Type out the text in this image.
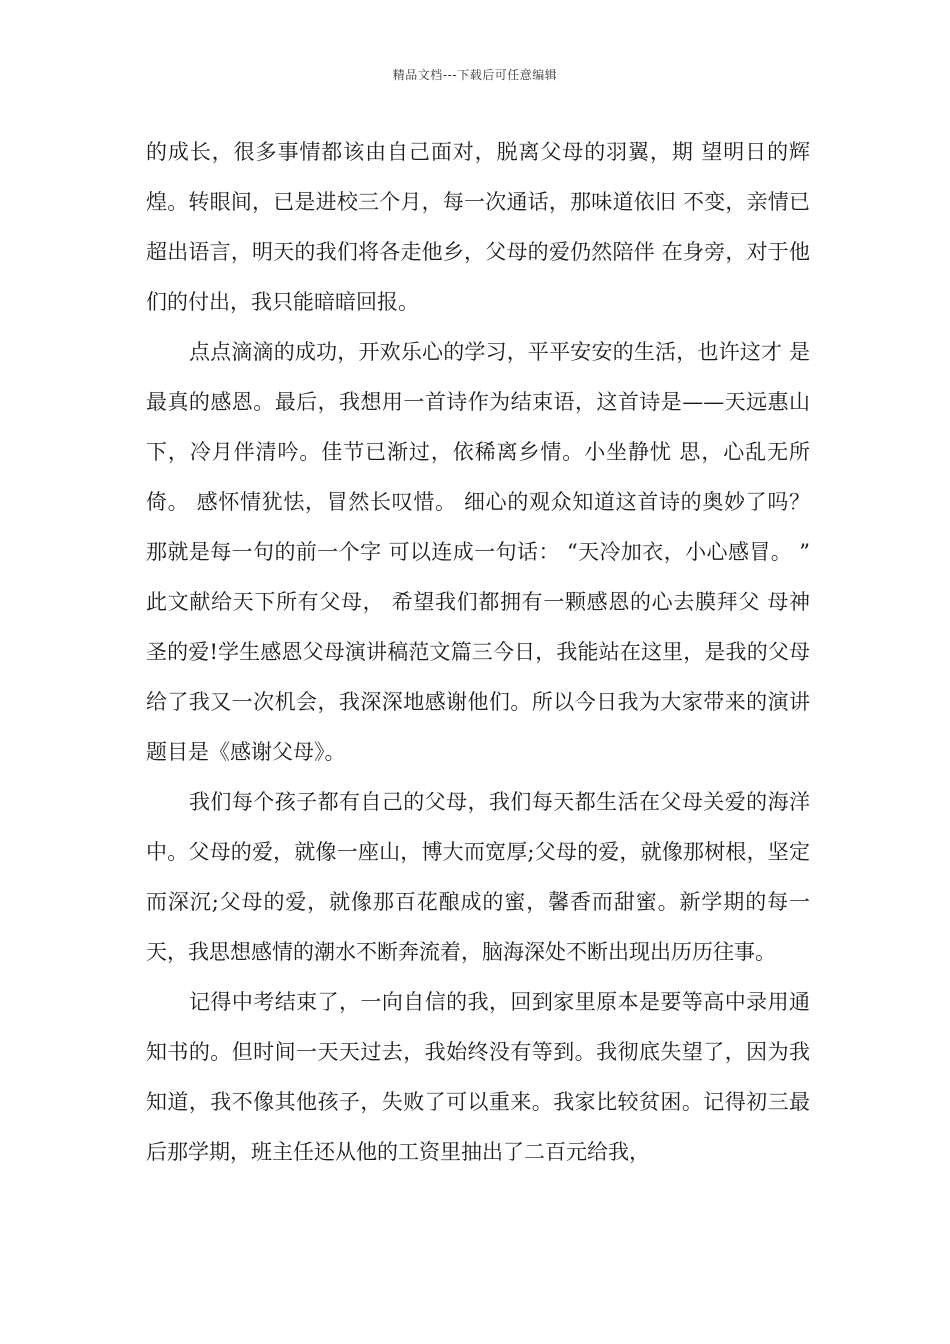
精品文档---下载后可任意编辑

的成长，很多事情都该由自己面对，脱离父母的羽翼，期 望明日的辉煌。转眼间，已是进校三个月，每一次通话，那味道依旧 不变，亲情已超出语言，明天的我们将各走他乡，父母的爱仍然陪伴 在身旁，对于他们的付出，我只能暗暗回报。

点点滴滴的成功，开欢乐心的学习，平平安安的生活，也许这才 是最真的感恩。最后，我想用一首诗作为结束语，这首诗是——天远惠山下，冷月伴清吟。佳节已渐过，依稀离乡情。小坐静忧 思，心乱无所倚。 感怀情犹怯，冒然长叹惜。 细心的观众知道这首诗的奥妙了吗？那就是每一句的前一个字 可以连成一句话： “天冷加衣，小心感冒。 ” 此文献给天下所有父母， 希望我们都拥有一颗感恩的心去膜拜父 母神圣的爱!学生感恩父母演讲稿范文篇三今日，我能站在这里，是我的父母给了我又一次机会，我深深地感谢他们。所以今日我为大家带来的演讲题目是《感谢父母》。

我们每个孩子都有自己的父母，我们每天都生活在父母关爱的海洋中。父母的爱，就像一座山，博大而宽厚;父母的爱，就像那树根，坚定而深沉;父母的爱，就像那百花酿成的蜜，馨香而甜蜜。新学期的每一天，我思想感情的潮水不断奔流着，脑海深处不断出现出历历往事。

记得中考结束了，一向自信的我，回到家里原本是要等高中录用通知书的。但时间一天天过去，我始终没有等到。我彻底失望了，因为我知道，我不像其他孩子，失败了可以重来。我家比较贫困。记得初三最后那学期，班主任还从他的工资里抽出了二百元给我，
